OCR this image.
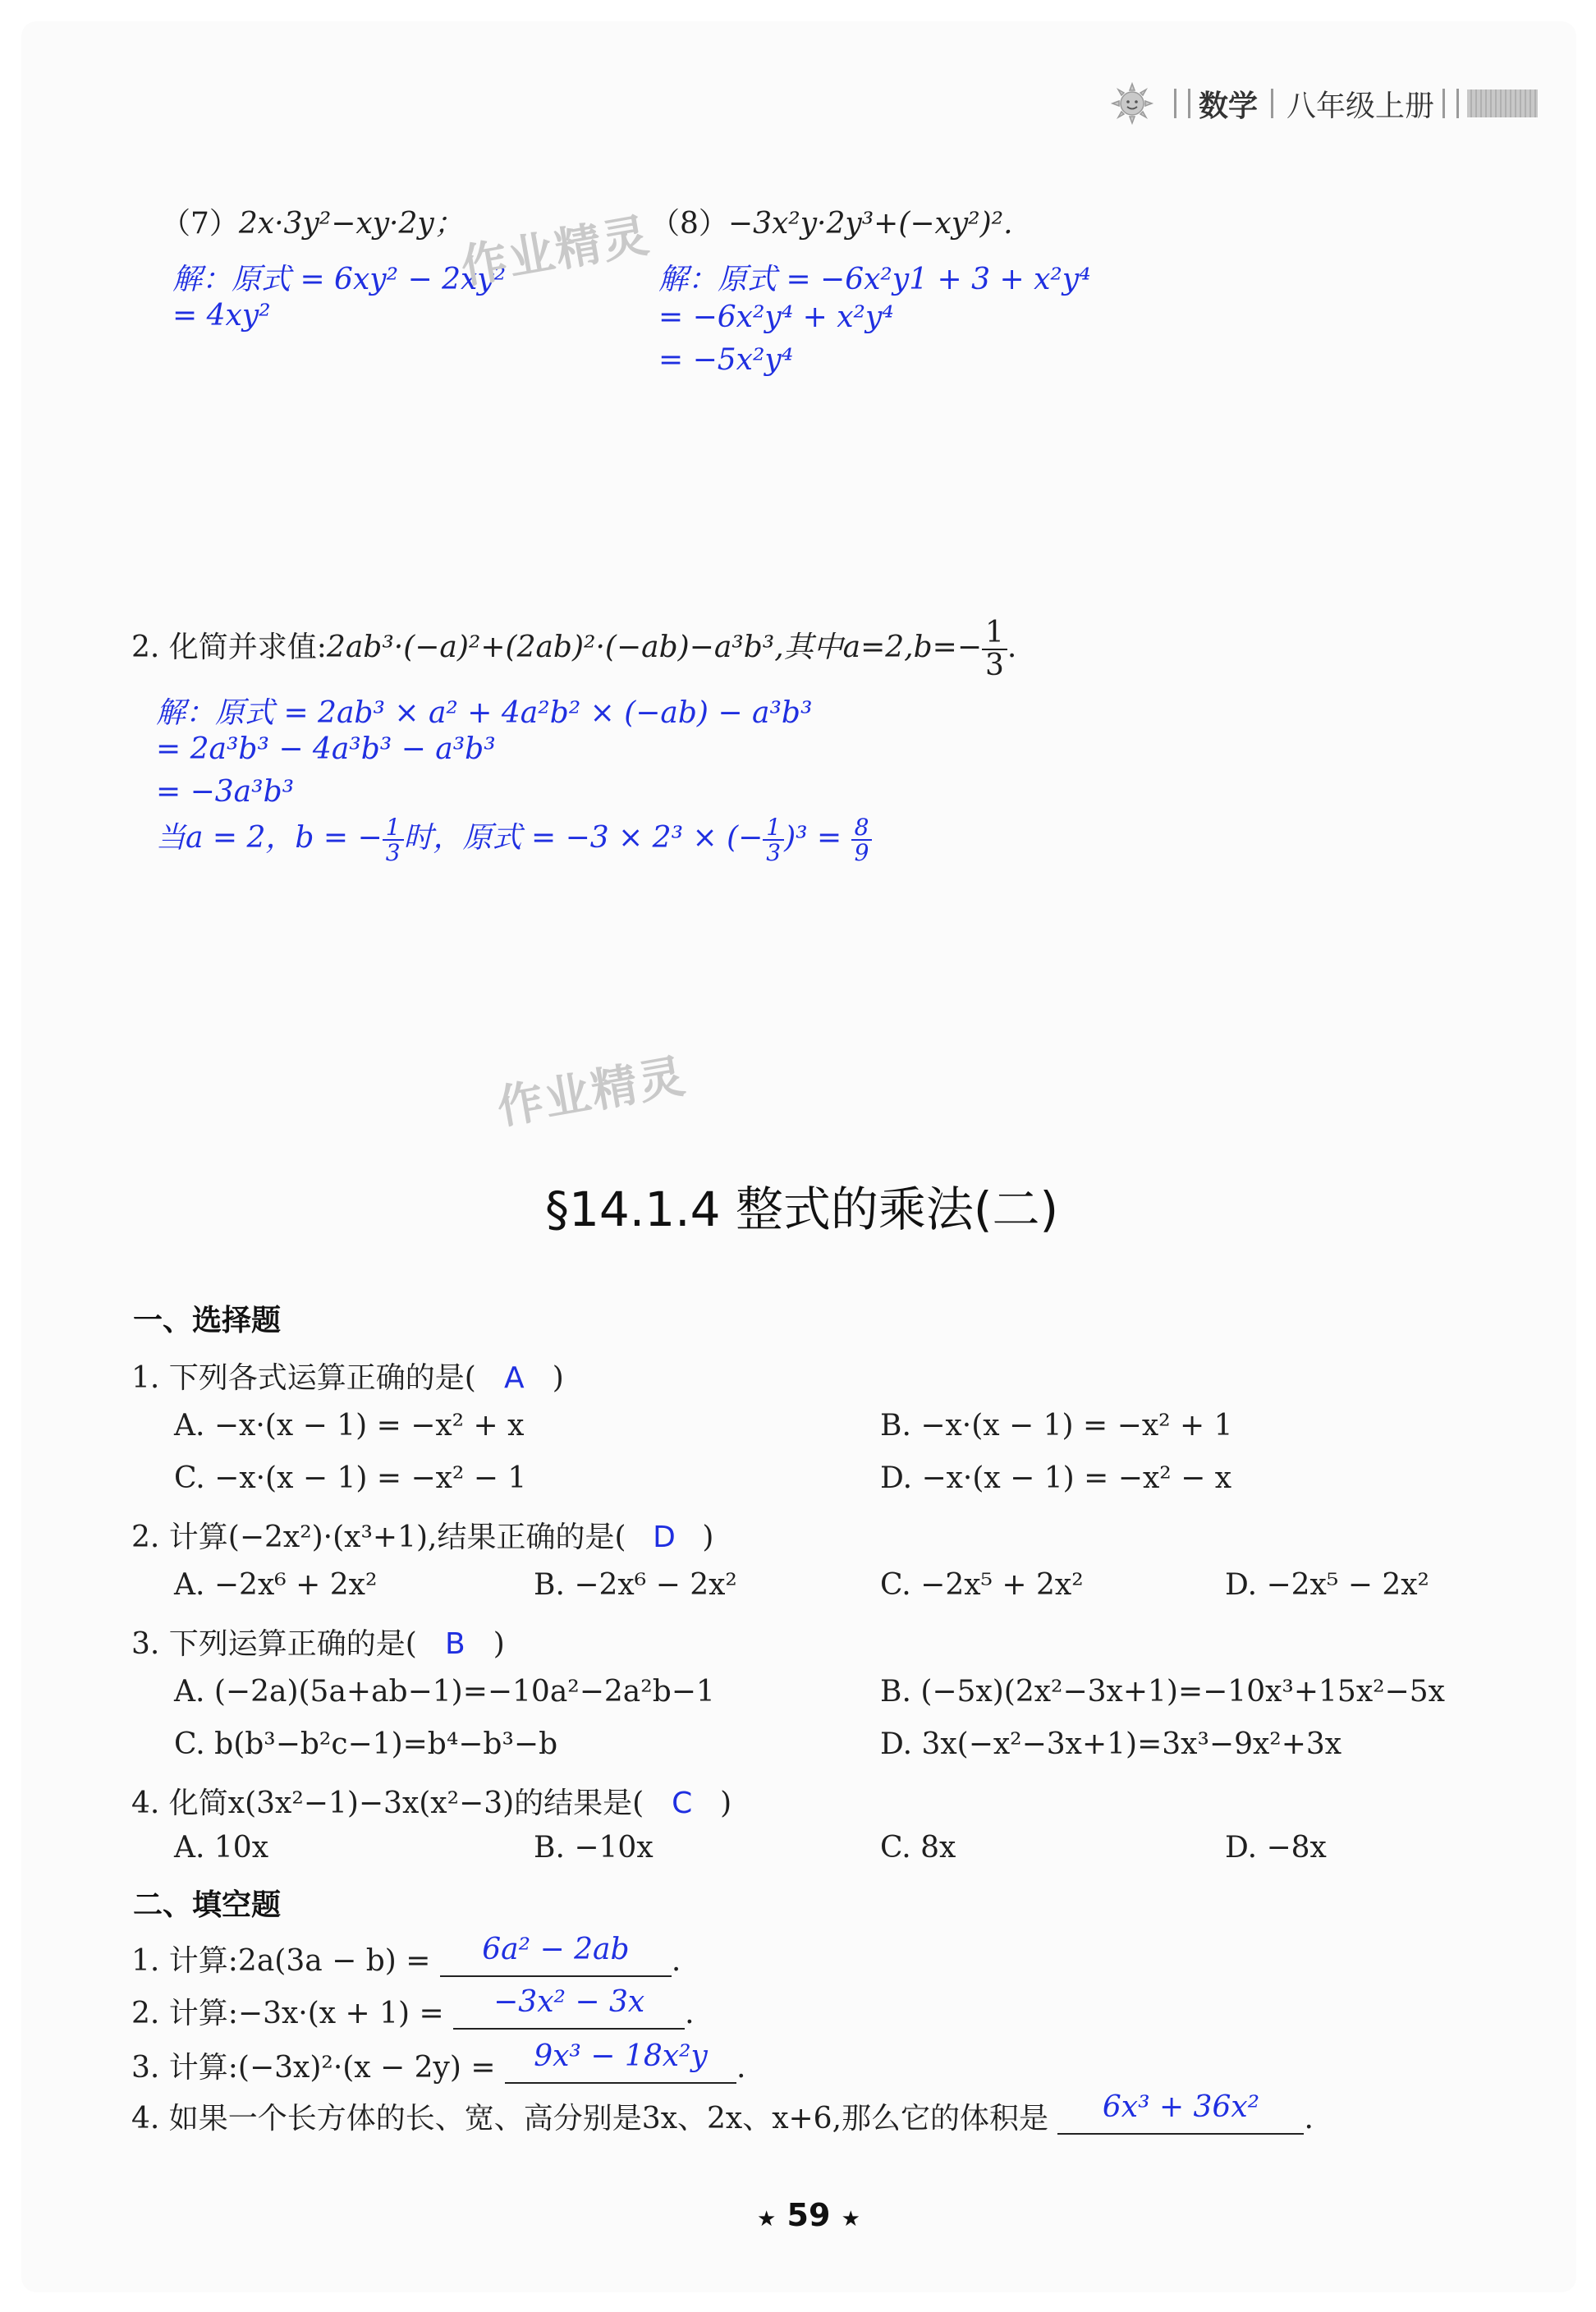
数学 八年级上册
（7）2x·3y²−xy·2y；
解：原式 = 6xy² − 2xy²
= 4xy²
（8）−3x²y·2y³+(−xy²)².
解：原式 = −6x²y1 + 3 + x²y⁴
= −6x²y⁴ + x²y⁴
= −5x²y⁴
作业精灵
2. 化简并求值:2ab³·(−a)²+(2ab)²·(−ab)−a³b³,其中$a=2,b=- \frac{1}{3}$ .
解：原式 = 2ab³ × a² + 4a²b² × (−ab) − a³b³
= 2a³b³ − 4a³b³ − a³b³
= −3a³b³
当a = 2，b = − $\frac{1}{3}$ 时，原式 = −3 × 2³ × (− $\frac{1}{3} )^3 = \frac{8}{9}$
作业精灵
§14.1.4 整式的乘法(二)
一、选择题
1. 下列各式运算正确的是( A )
A. −x·(x − 1) = −x² + x	B. −x·(x − 1) = −x² + 1
C. −x·(x − 1) = −x² − 1	D. −x·(x − 1) = −x² − x
2. 计算(−2x²)·(x³+1),结果正确的是( D )
A. −2x⁶ + 2x²	B. −2x⁶ − 2x²	C. −2x⁵ + 2x²	D. −2x⁵ − 2x²
3. 下列运算正确的是( B )
A. (−2a)(5a+ab−1)=−10a²−2a²b−1	B. (−5x)(2x²−3x+1)=−10x³+15x²−5x
C. b(b³−b²c−1)=b⁴−b³−b	D. 3x(−x²−3x+1)=3x³−9x²+3x
4. 化简x(3x²−1)−3x(x²−3)的结果是( C )
A. 10x	B. −10x	C. 8x	D. −8x
二、填空题
1. 计算:2a(3a − b) = 6a² − 2ab .
2. 计算:−3x·(x + 1) = −3x² − 3x .
3. 计算:(−3x)²·(x − 2y) = 9x³ − 18x²y .
4. 如果一个长方体的长、宽、高分别是3x、2x、x+6,那么它的体积是 6x³ + 36x² .
★ 59 ★
